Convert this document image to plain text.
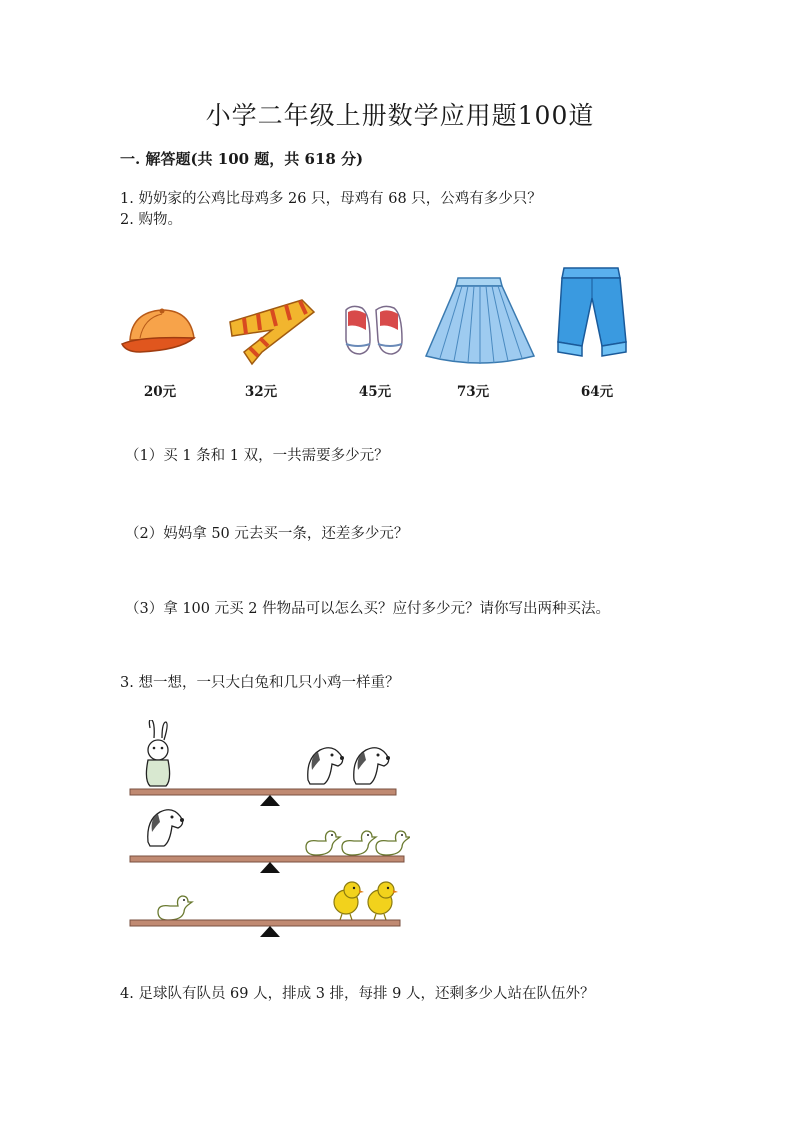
小学二年级上册数学应用题100道
一. 解答题(共 100 题，共 618 分)
1. 奶奶家的公鸡比母鸡多 26 只，母鸡有 68 只，公鸡有多少只？
2. 购物。
20元	32元	45元	73元	64元
（1）买 1 条和 1 双，一共需要多少元？
（2）妈妈拿 50 元去买一条，还差多少元？
（3）拿 100 元买 2 件物品可以怎么买？应付多少元？请你写出两种买法。
3. 想一想，一只大白兔和几只小鸡一样重？
4. 足球队有队员 69 人，排成 3 排，每排 9 人，还剩多少人站在队伍外？
